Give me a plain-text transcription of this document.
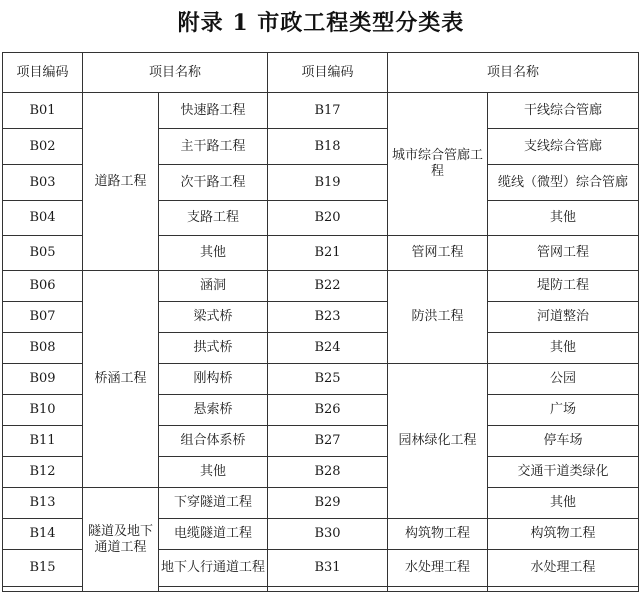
附录 1 市政工程类型分类表
项目编码	项目名称		项目编码	项目名称	
B01	道路工程	快速路工程	B17	城市综合管廊工程	干线综合管廊
B02		主干路工程	B18		支线综合管廊
B03		次干路工程	B19		缆线（微型）综合管廊
B04		支路工程	B20		其他
B05		其他	B21	管网工程	管网工程
B06	桥涵工程	涵洞	B22	防洪工程	堤防工程
B07		梁式桥	B23		河道整治
B08		拱式桥	B24		其他
B09		刚构桥	B25	园林绿化工程	公园
B10		悬索桥	B26		广场
B11		组合体系桥	B27		停车场
B12		其他	B28		交通干道类绿化
B13	隧道及地下通道工程	下穿隧道工程	B29		其他
B14		电缆隧道工程	B30	构筑物工程	构筑物工程
B15		地下人行通道工程	B31	水处理工程	水处理工程
